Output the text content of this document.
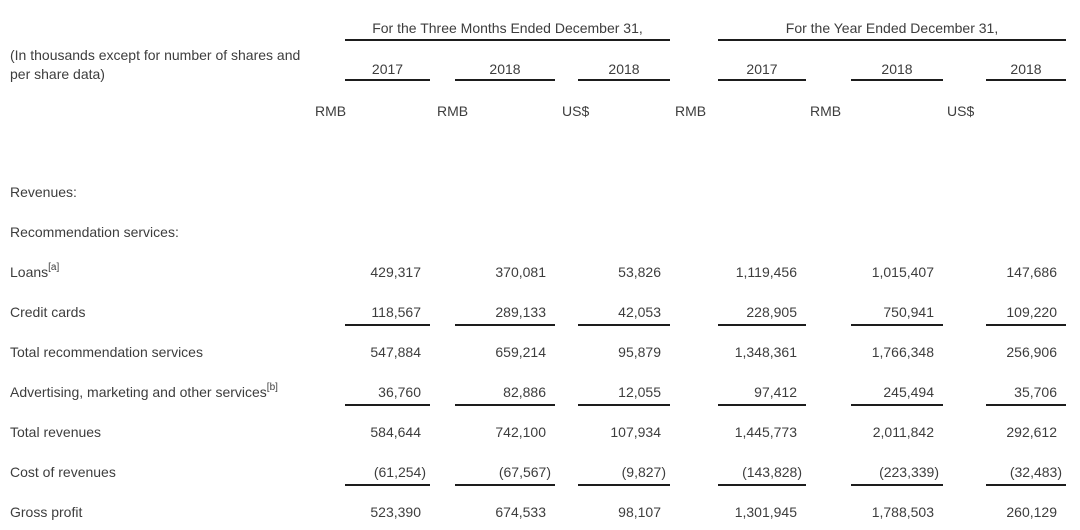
(In thousands except for number of shares and per share data)
For the Three Months Ended December 31,	For the Year Ended December 31,
2017	2018	2018	2017	2018	2018
RMB	RMB	US$	RMB	RMB	US$
Revenues:
Recommendation services:
Loans[a]	429,317	370,081	53,826	1,119,456	1,015,407	147,686
Credit cards	118,567	289,133	42,053	228,905	750,941	109,220
Total recommendation services	547,884	659,214	95,879	1,348,361	1,766,348	256,906
Advertising, marketing and other services[b]	36,760	82,886	12,055	97,412	245,494	35,706
Total revenues	584,644	742,100	107,934	1,445,773	2,011,842	292,612
Cost of revenues	(61,254)	(67,567)	(9,827)	(143,828)	(223,339)	(32,483)
Gross profit	523,390	674,533	98,107	1,301,945	1,788,503	260,129
